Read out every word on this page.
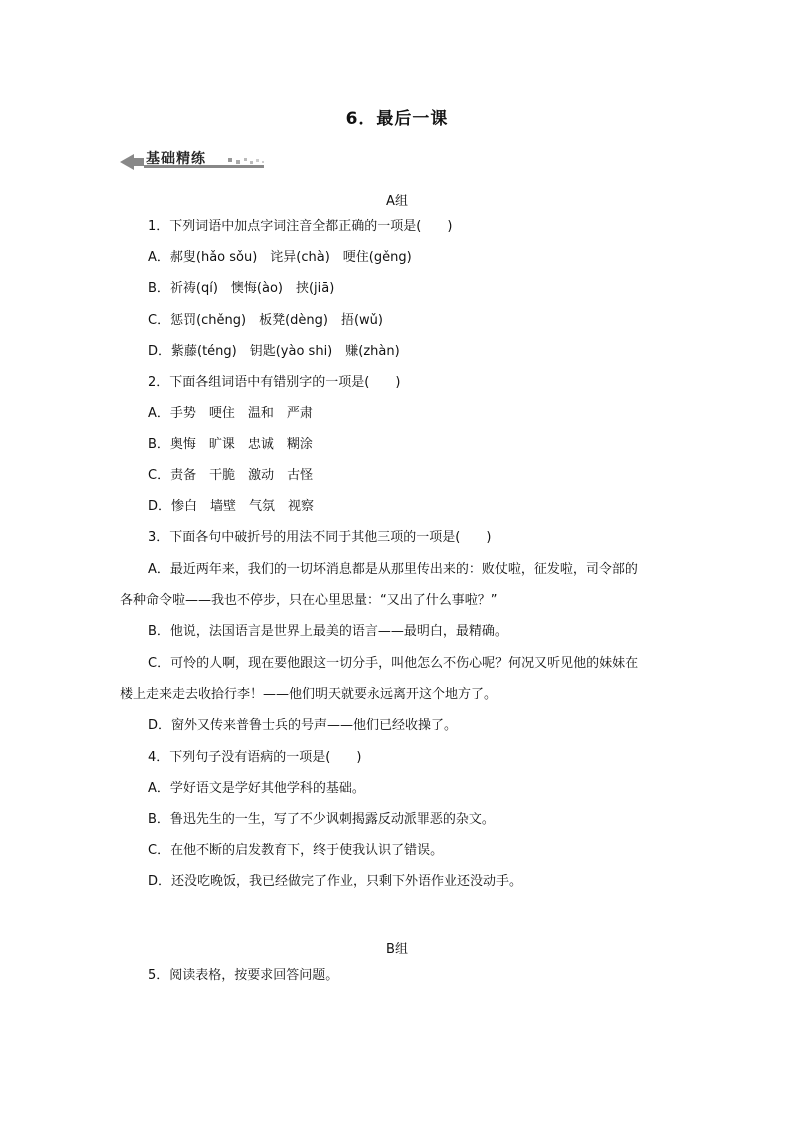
6．最后一课
基础精练
A组
1．下列词语中加点字词注音全都正确的一项是(　　)
A．郝叟(hǎo sǒu)　诧异(chà)　哽住(gěng)
B．祈祷(qí)　懊悔(ào)　挟(jiā)
C．惩罚(chěng)　板凳(dèng)　捂(wǔ)
D．紫藤(téng)　钥匙(yào shi)　赚(zhàn)
2．下面各组词语中有错别字的一项是(　　)
A．手势　哽住　温和　严肃
B．奥悔　旷课　忠诚　糊涂
C．责备　干脆　激动　古怪
D．惨白　墙壁　气氛　视察
3．下面各句中破折号的用法不同于其他三项的一项是(　　)
A．最近两年来，我们的一切坏消息都是从那里传出来的：败仗啦，征发啦，司令部的
各种命令啦——我也不停步，只在心里思量：“又出了什么事啦？”
B．他说，法国语言是世界上最美的语言——最明白，最精确。
C．可怜的人啊，现在要他跟这一切分手，叫他怎么不伤心呢？何况又听见他的妹妹在
楼上走来走去收拾行李！——他们明天就要永远离开这个地方了。
D．窗外又传来普鲁士兵的号声——他们已经收操了。
4．下列句子没有语病的一项是(　　)
A．学好语文是学好其他学科的基础。
B．鲁迅先生的一生，写了不少讽刺揭露反动派罪恶的杂文。
C．在他不断的启发教育下，终于使我认识了错误。
D．还没吃晚饭，我已经做完了作业，只剩下外语作业还没动手。
B组
5．阅读表格，按要求回答问题。
